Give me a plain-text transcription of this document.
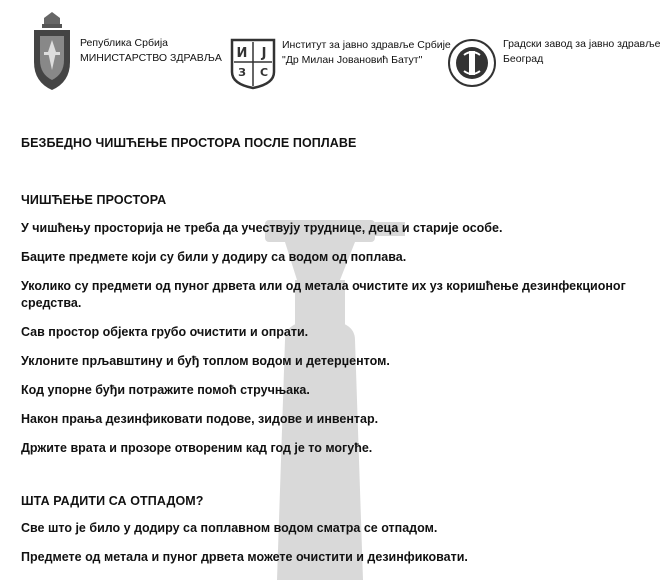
Република Србија
МИНИСТАРСТВО ЗДРАВЉА И Ј
З С
Институт за јавно здравље Србије
"Др Милан Јовановић Батут"
Градски завод за јавно здравље
Београд
БЕЗБЕДНО ЧИШЋЕЊЕ ПРОСТОРА ПОСЛЕ ПОПЛАВЕ
ЧИШЋЕЊЕ ПРОСТОРА
У чишћењу просторија не треба да учествују труднице, деца и старије особе.
Баците предмете који су били у додиру са водом од поплава.
Уколико су предмети од пуног дрвета или од метала очистите их уз коришћење дезинфекционог средства.
Сав простор објекта грубо очистити и опрати.
Уклоните прљавштину и буђ топлом водом и детерџентом.
Код упорне буђи потражите помоћ стручњака.
Након прања дезинфиковати подове, зидове и инвентар.
Држите врата и прозоре отвореним кад год је то могуће.
ШТА РАДИТИ СА ОТПАДОМ?
Све што је било у додиру са поплавном водом сматра се отпадом.
Предмете од метала и пуног дрвета можете очистити и дезинфиковати.
